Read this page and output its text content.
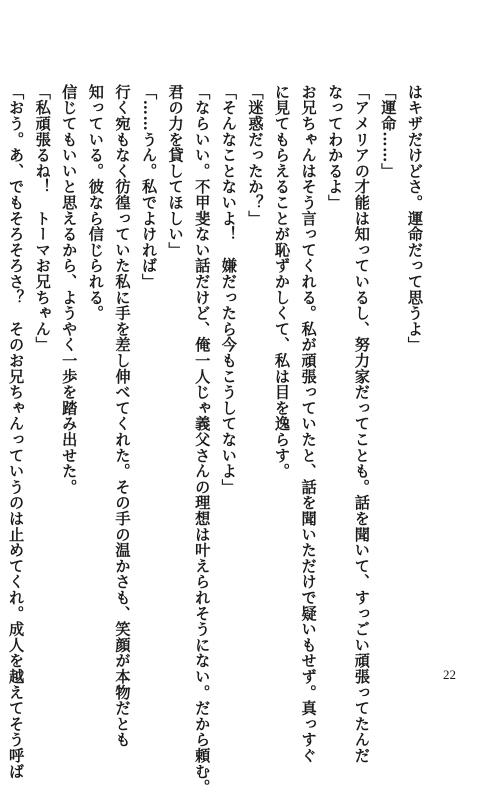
はキザだけどさ。運命だって思うよ」
「運命……」
「アメリアの才能は知っているし、努力家だってことも。話を聞いて、すっごい頑張ってたんだ
なってわかるよ」
お兄ちゃんはそう言ってくれる。私が頑張っていたと、話を聞いただけで疑いもせず。真っすぐ
に見てもらえることが恥ずかしくて、私は目を逸らす。
「迷惑だったか？」
「そんなことないよ！　嫌だったら今もこうしてないよ」
「ならいい。不甲斐ない話だけど、俺一人じゃ義父さんの理想は叶えられそうにない。だから頼む。
君の力を貸してほしい」
「……うん。私でよければ」
行く宛もなく彷徨っていた私に手を差し伸べてくれた。その手の温かさも、笑顔が本物だとも
知っている。彼なら信じられる。
信じてもいいと思えるから、ようやく一歩を踏み出せた。
「私頑張るね！　トーマお兄ちゃん」
「おう。あ、でもそろそろさ？　そのお兄ちゃんっていうのは止めてくれ。成人を越えてそう呼ば	22
